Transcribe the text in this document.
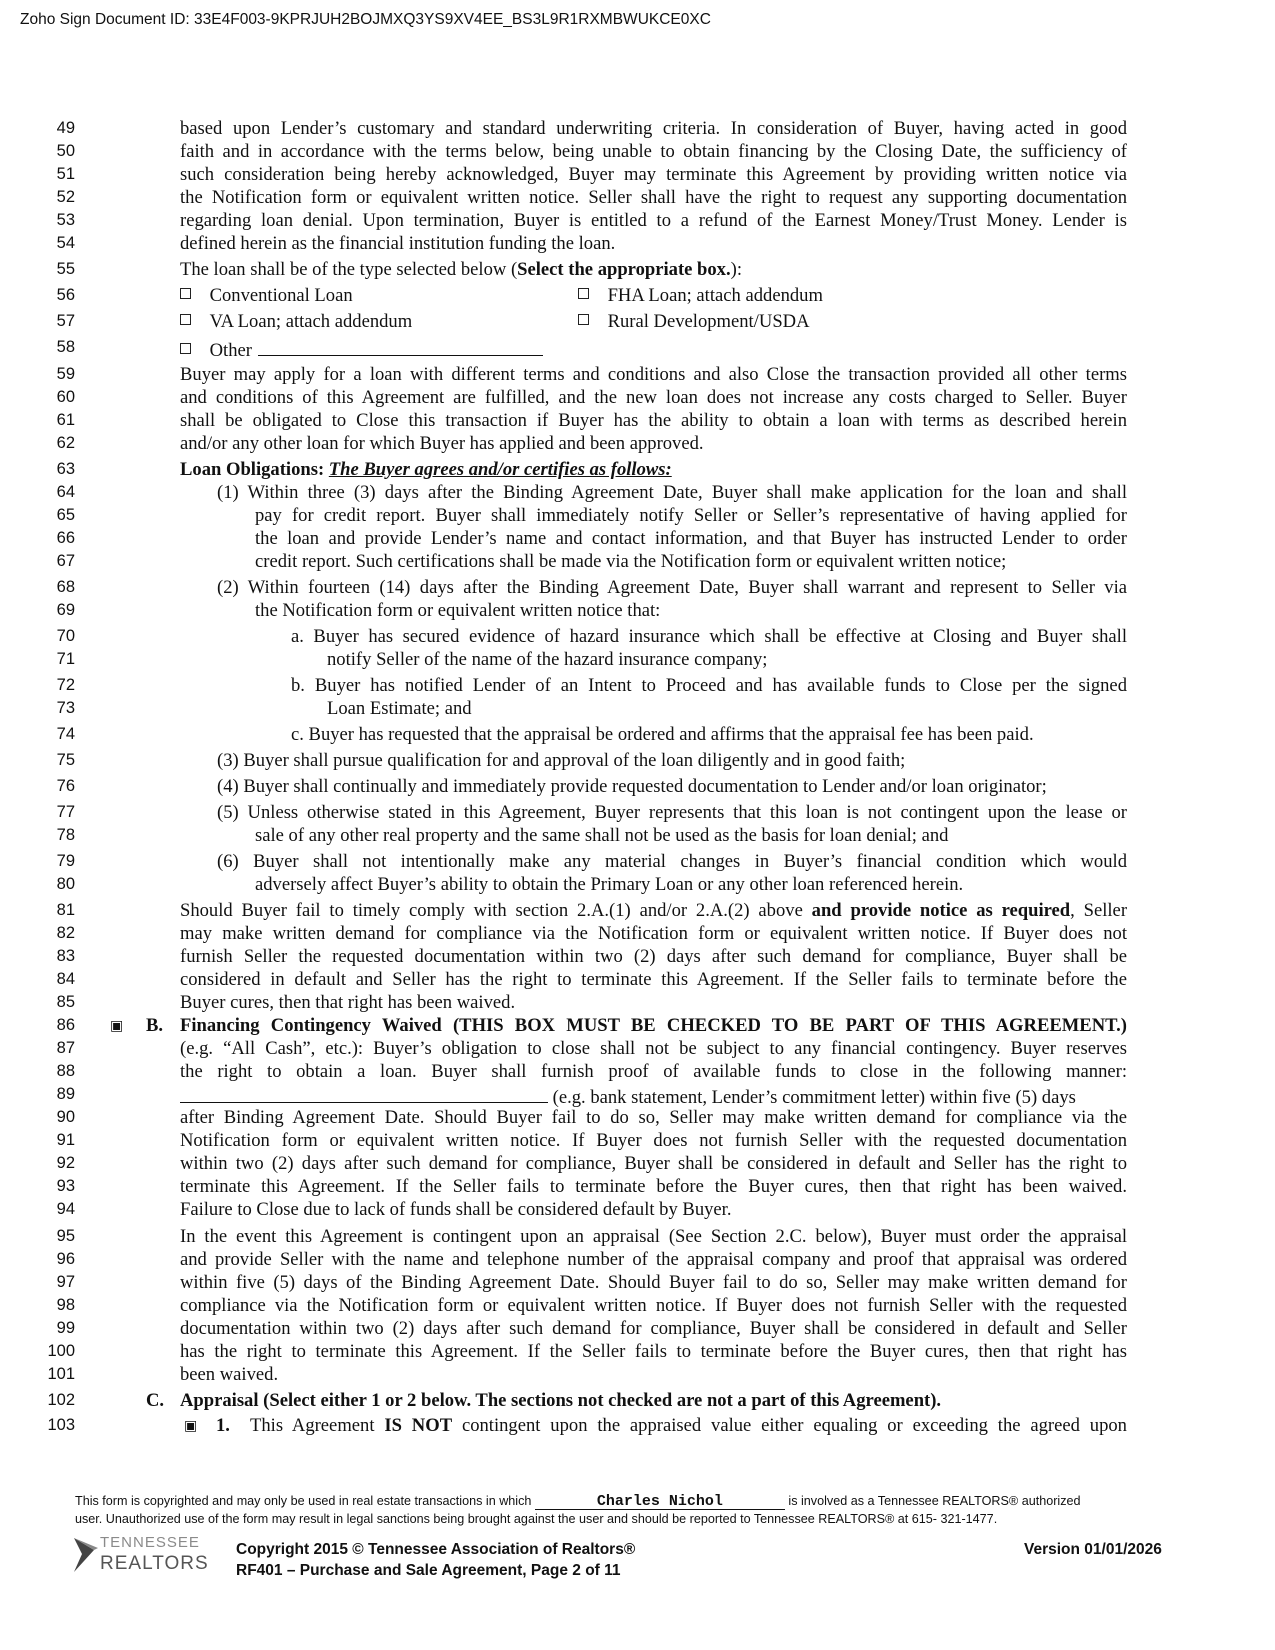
Zoho Sign Document ID: 33E4F003-9KPRJUH2BOJMXQ3YS9XV4EE_BS3L9R1RXMBWUKCE0XC
49	based upon Lender’s customary and standard underwriting criteria. In consideration of Buyer, having acted in good
50	faith and in accordance with the terms below, being unable to obtain financing by the Closing Date, the sufficiency of
51	such consideration being hereby acknowledged, Buyer may terminate this Agreement by providing written notice via
52	the Notification form or equivalent written notice. Seller shall have the right to request any supporting documentation
53	regarding loan denial. Upon termination, Buyer is entitled to a refund of the Earnest Money/Trust Money. Lender is
54	defined herein as the financial institution funding the loan.
55	The loan shall be of the type selected below (Select the appropriate box.):
56	Conventional Loan	FHA Loan; attach addendum
57	VA Loan; attach addendum	Rural Development/USDA
58	Other
59	Buyer may apply for a loan with different terms and conditions and also Close the transaction provided all other terms
60	and conditions of this Agreement are fulfilled, and the new loan does not increase any costs charged to Seller. Buyer
61	shall be obligated to Close this transaction if Buyer has the ability to obtain a loan with terms as described herein
62	and/or any other loan for which Buyer has applied and been approved.
63	Loan Obligations: The Buyer agrees and/or certifies as follows:
64	(1) Within three (3) days after the Binding Agreement Date, Buyer shall make application for the loan and shall
65	pay for credit report. Buyer shall immediately notify Seller or Seller’s representative of having applied for
66	the loan and provide Lender’s name and contact information, and that Buyer has instructed Lender to order
67	credit report. Such certifications shall be made via the Notification form or equivalent written notice;
68	(2) Within fourteen (14) days after the Binding Agreement Date, Buyer shall warrant and represent to Seller via
69	the Notification form or equivalent written notice that:
70	a. Buyer has secured evidence of hazard insurance which shall be effective at Closing and Buyer shall
71	notify Seller of the name of the hazard insurance company;
72	b. Buyer has notified Lender of an Intent to Proceed and has available funds to Close per the signed
73	Loan Estimate; and
74	c. Buyer has requested that the appraisal be ordered and affirms that the appraisal fee has been paid.
75	(3) Buyer shall pursue qualification for and approval of the loan diligently and in good faith;
76	(4) Buyer shall continually and immediately provide requested documentation to Lender and/or loan originator;
77	(5) Unless otherwise stated in this Agreement, Buyer represents that this loan is not contingent upon the lease or
78	sale of any other real property and the same shall not be used as the basis for loan denial; and
79	(6) Buyer shall not intentionally make any material changes in Buyer’s financial condition which would
80	adversely affect Buyer’s ability to obtain the Primary Loan or any other loan referenced herein.
81	Should Buyer fail to timely comply with section 2.A.(1) and/or 2.A.(2) above and provide notice as required, Seller
82	may make written demand for compliance via the Notification form or equivalent written notice. If Buyer does not
83	furnish Seller the requested documentation within two (2) days after such demand for compliance, Buyer shall be
84	considered in default and Seller has the right to terminate this Agreement. If the Seller fails to terminate before the
85	Buyer cures, then that right has been waived.
86	▣ B. Financing Contingency Waived (THIS BOX MUST BE CHECKED TO BE PART OF THIS AGREEMENT.)
87	(e.g. “All Cash”, etc.): Buyer’s obligation to close shall not be subject to any financial contingency. Buyer reserves
88	the right to obtain a loan. Buyer shall furnish proof of available funds to close in the following manner:
89	(e.g. bank statement, Lender’s commitment letter) within five (5) days
90	after Binding Agreement Date. Should Buyer fail to do so, Seller may make written demand for compliance via the
91	Notification form or equivalent written notice. If Buyer does not furnish Seller with the requested documentation
92	within two (2) days after such demand for compliance, Buyer shall be considered in default and Seller has the right to
93	terminate this Agreement. If the Seller fails to terminate before the Buyer cures, then that right has been waived.
94	Failure to Close due to lack of funds shall be considered default by Buyer.
95	In the event this Agreement is contingent upon an appraisal (See Section 2.C. below), Buyer must order the appraisal
96	and provide Seller with the name and telephone number of the appraisal company and proof that appraisal was ordered
97	within five (5) days of the Binding Agreement Date. Should Buyer fail to do so, Seller may make written demand for
98	compliance via the Notification form or equivalent written notice. If Buyer does not furnish Seller with the requested
99	documentation within two (2) days after such demand for compliance, Buyer shall be considered in default and Seller
100	has the right to terminate this Agreement. If the Seller fails to terminate before the Buyer cures, then that right has
101	been waived.
102	C. Appraisal (Select either 1 or 2 below. The sections not checked are not a part of this Agreement).
103	▣ 1. This Agreement IS NOT contingent upon the appraised value either equaling or exceeding the agreed upon
This form is copyrighted and may only be used in real estate transactions in which	Charles Nichol	is involved as a Tennessee REALTORS® authorized
user. Unauthorized use of the form may result in legal sanctions being brought against the user and should be reported to Tennessee REALTORS® at 615- 321-1477.
TENNESSEE
REALTORS
Copyright 2015 © Tennessee Association of Realtors®
RF401 – Purchase and Sale Agreement, Page 2 of 11
Version 01/01/2026
